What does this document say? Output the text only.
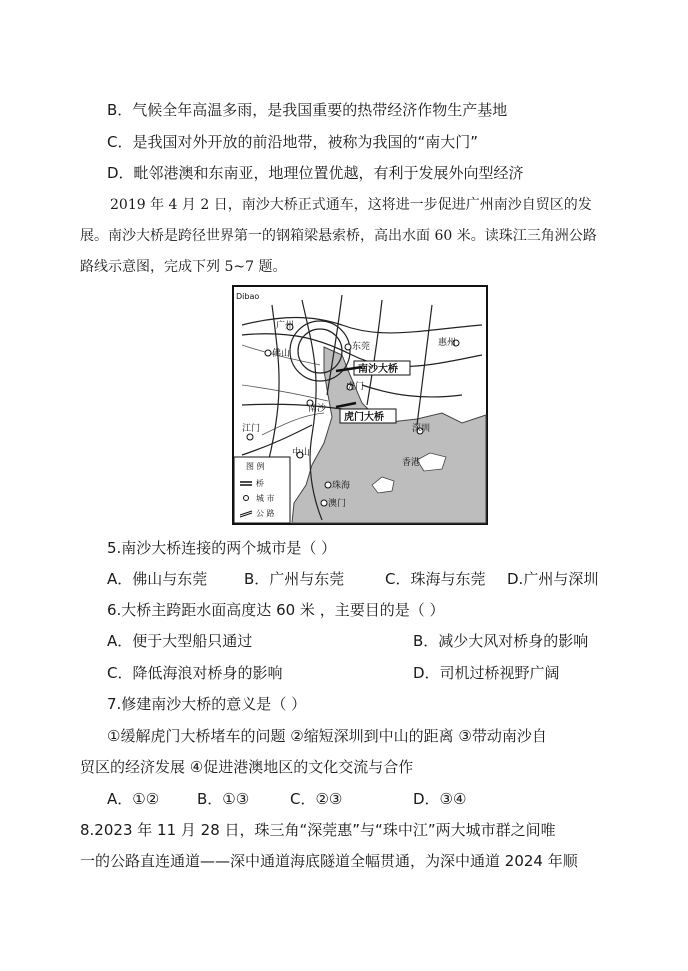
B．气候全年高温多雨，是我国重要的热带经济作物生产基地
C．是我国对外开放的前沿地带，被称为我国的“南大门”
D．毗邻港澳和东南亚，地理位置优越，有利于发展外向型经济
2019 年 4 月 2 日，南沙大桥正式通车，这将进一步促进广州南沙自贸区的发展。南沙大桥是跨径世界第一的钢箱梁悬索桥，高出水面 60 米。读珠江三角洲公路路线示意图，完成下列 5~7 题。
Dibao
广州
佛山
东莞	惠州
虎门
南沙
深圳
江门
中山
香港
珠海
澳门
南沙大桥
虎门大桥
图 例
桥
城 市
公 路
5.南沙大桥连接的两个城市是（ ）
A．佛山与东莞 B．广州与东莞	C．珠海与东莞 D.广州与深圳
6.大桥主跨距水面高度达 60 米 ，主要目的是（ ）
A．便于大型船只通过	B．减少大风对桥身的影响
C．降低海浪对桥身的影响	D．司机过桥视野广阔
7.修建南沙大桥的意义是（ ）
①缓解虎门大桥堵车的问题 ②缩短深圳到中山的距离 ③带动南沙自
贸区的经济发展 ④促进港澳地区的文化交流与合作
A．①②	B．①③	C．②③	D．③④
8.2023 年 11 月 28 日，珠三角“深莞惠”与“珠中江”两大城市群之间唯
一的公路直连通道——深中通道海底隧道全幅贯通，为深中通道 2024 年顺
